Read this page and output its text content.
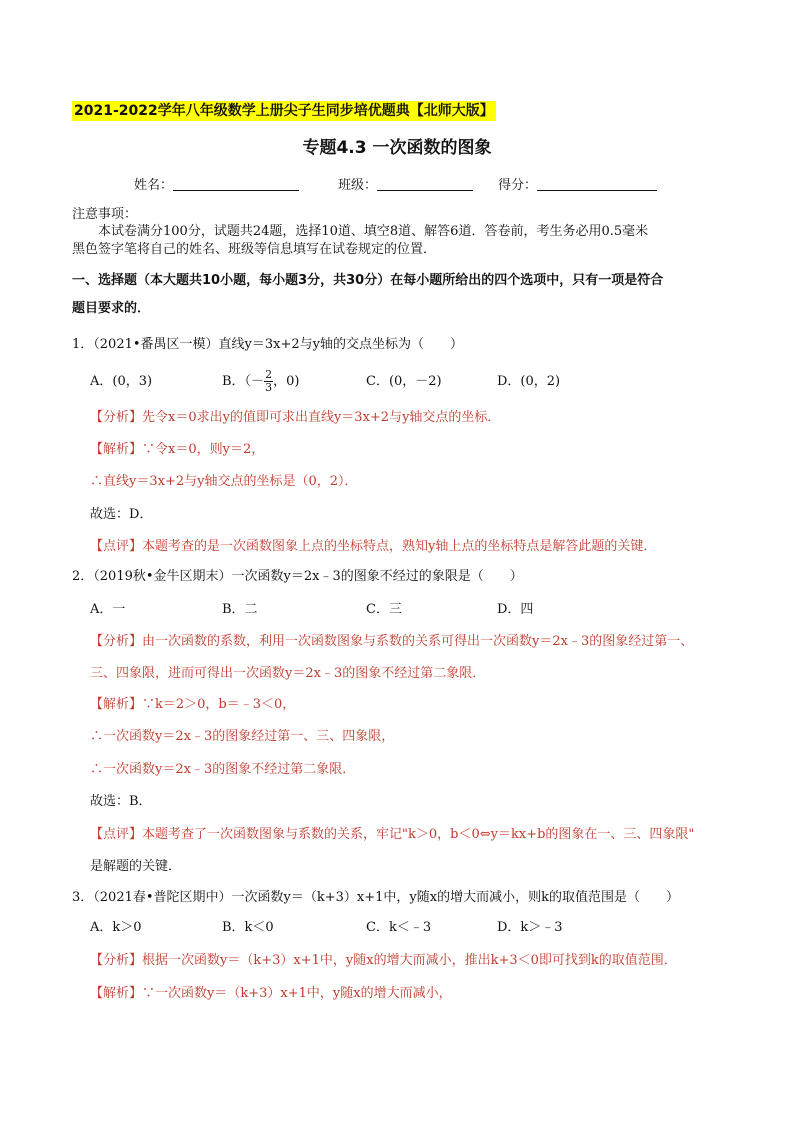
2021-2022学年八年级数学上册尖子生同步培优题典【北师大版】
专题4.3 一次函数的图象
姓名：	班级：	得分：
注意事项：
本试卷满分100分，试题共24题，选择10道、填空8道、解答6道．答卷前，考生务必用0.5毫米
黑色签字笔将自己的姓名、班级等信息填写在试卷规定的位置．
一、选择题（本大题共10小题，每小题3分，共30分）在每小题所给出的四个选项中，只有一项是符合
题目要求的．
1．（2021•番禺区一模）直线y＝3x+2与y轴的交点坐标为（　　）
A．(0，3)	B．（－ $\frac{2}{3}$ ，0)	C．(0，－2)	D．(0，2)
【分析】先令x＝0求出y的值即可求出直线y＝3x+2与y轴交点的坐标．
【解析】∵令x＝0，则y＝2，
∴直线y＝3x+2与y轴交点的坐标是（0，2）．
故选：D．
【点评】本题考查的是一次函数图象上点的坐标特点，熟知y轴上点的坐标特点是解答此题的关键．
2．（2019秋•金牛区期末）一次函数y＝2x﹣3的图象不经过的象限是（　　）
A．一	B．二	C．三	D．四
【分析】由一次函数的系数，利用一次函数图象与系数的关系可得出一次函数y＝2x﹣3的图象经过第一、
三、四象限，进而可得出一次函数y＝2x﹣3的图象不经过第二象限．
【解析】∵k＝2＞0，b＝﹣3＜0，
∴一次函数y＝2x﹣3的图象经过第一、三、四象限，
∴一次函数y＝2x﹣3的图象不经过第二象限．
故选：B．
【点评】本题考查了一次函数图象与系数的关系，牢记"k＞0，b＜0⇔y＝kx+b的图象在一、三、四象限"
是解题的关键．
3．（2021春•普陀区期中）一次函数y＝（k+3）x+1中，y随x的增大而减小，则k的取值范围是（　　）
A．k＞0	B．k＜0	C．k＜﹣3	D．k＞﹣3
【分析】根据一次函数y＝（k+3）x+1中，y随x的增大而减小，推出k+3＜0即可找到k的取值范围．
【解析】∵一次函数y＝（k+3）x+1中，y随x的增大而减小，
